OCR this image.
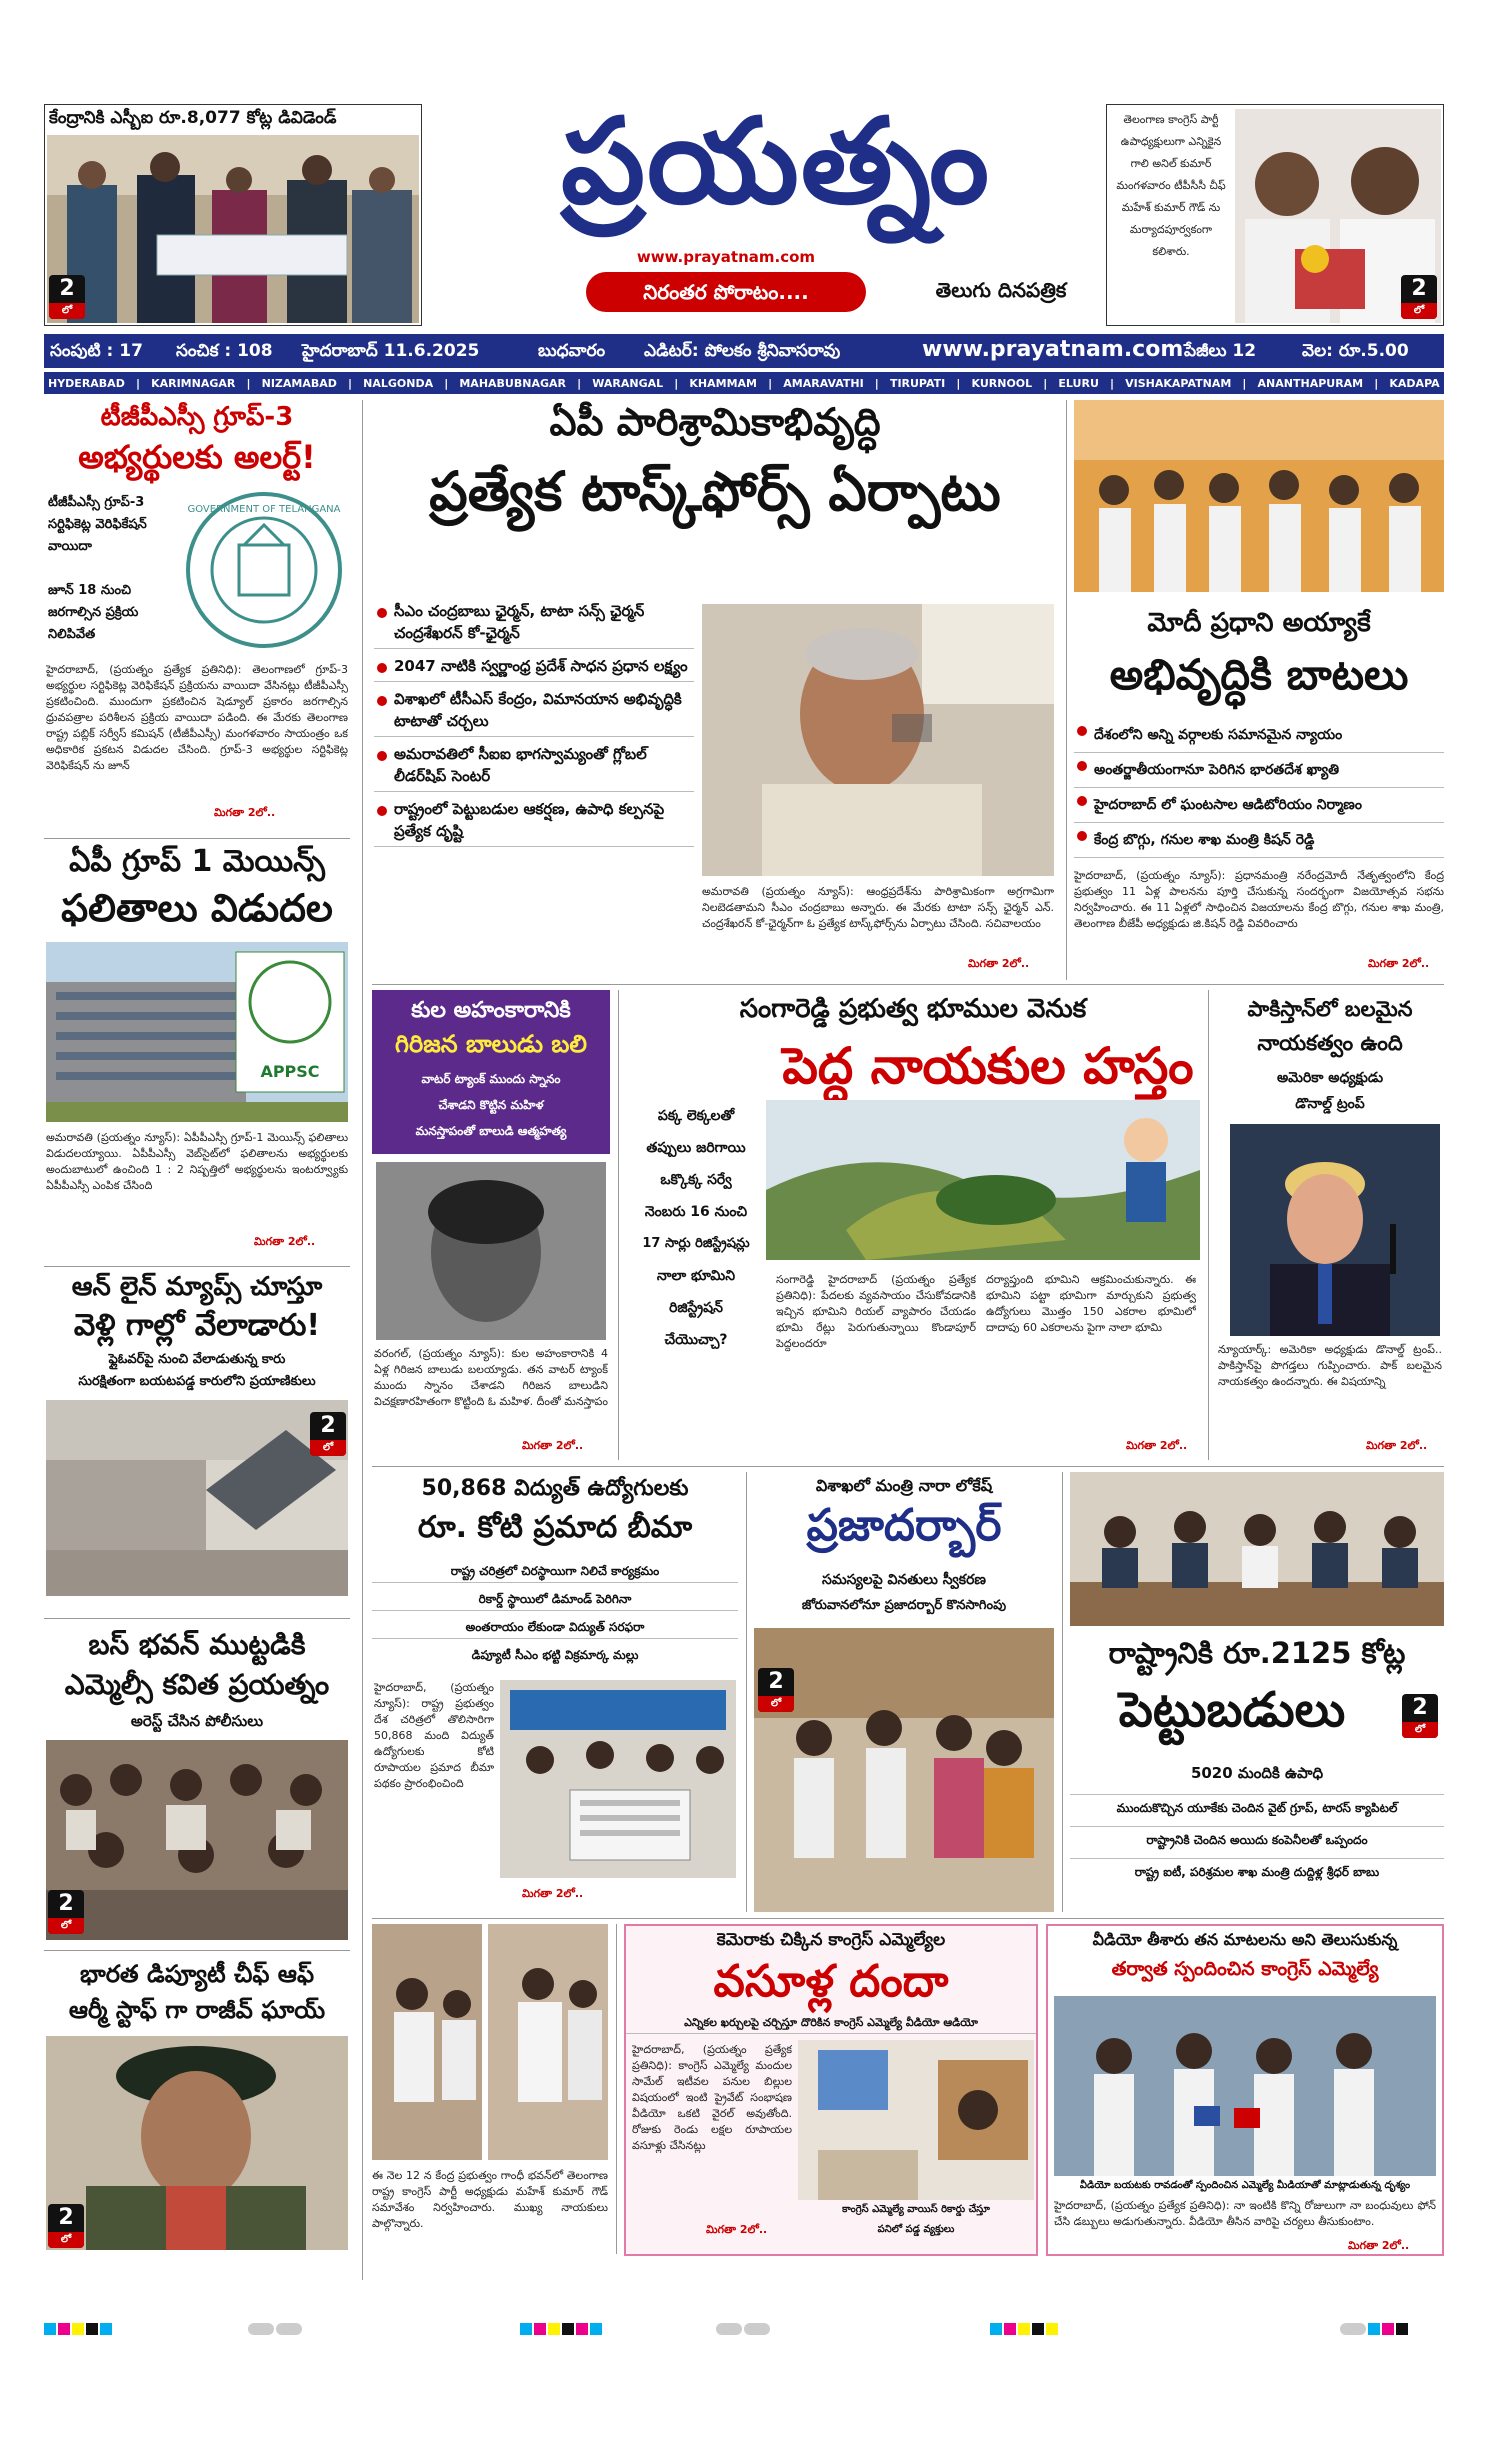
కేంద్రానికి ఎస్బీఐ రూ.8,077 కోట్ల డివిడెండ్
2
లో
ప్రయత్నం
www.prayatnam.com
నిరంతర పోరాటం....	తెలుగు దినపత్రిక
తెలంగాణ కాంగ్రెస్ పార్టీ ఉపాధ్యక్షులుగా ఎన్నికైన గాలి అనిల్ కుమార్ మంగళవారం టీపీసీసీ చీఫ్ మహేశ్ కుమార్ గౌడ్ ను మర్యాదపూర్వకంగా కలిశారు.
2
లో
సంపుటి : 17 సంచిక : 108 హైదరాబాద్ 11.6.2025	బుధవారం ఎడిటర్: పోలకం శ్రీనివాసరావు	www.prayatnam.com పేజీలు 12	వెల: రూ.5.00
HYDERABAD | KARIMNAGAR | NIZAMABAD | NALGONDA | MAHABUBNAGAR | WARANGAL | KHAMMAM | AMARAVATHI | TIRUPATI | KURNOOL | ELURU | VISHAKAPATNAM | ANANTHAPURAM | KADAPA
టీజీపీఎస్సీ గ్రూప్-3
అభ్యర్థులకు అలర్ట్!
టీజీపీఎస్సీ గ్రూప్-3 సర్టిఫికెట్ల వెరిఫికేషన్ వాయిదా
జూన్ 18 నుంచి జరగాల్సిన ప్రక్రియ నిలిపివేత
GOVERNMENT OF TELANGANA
హైదరాబాద్, (ప్రయత్నం ప్రత్యేక ప్రతినిధి): తెలంగాణలో గ్రూప్-3 అభ్యర్థుల సర్టిఫికెట్ల వెరిఫికేషన్ ప్రక్రియను వాయిదా వేసినట్లు టీజీపీఎస్సీ ప్రకటించింది. ముందుగా ప్రకటించిన షెడ్యూల్ ప్రకారం జరగాల్సిన ధ్రువపత్రాల పరిశీలన ప్రక్రియ వాయిదా పడింది. ఈ మేరకు తెలంగాణ రాష్ట్ర పబ్లిక్ సర్వీస్ కమిషన్ (టీజీపీఎస్సీ) మంగళవారం సాయంత్రం ఒక అధికారిక ప్రకటన విడుదల చేసింది. గ్రూప్-3 అభ్యర్థుల సర్టిఫికెట్ల వెరిఫికేషన్ ను జూన్
మిగతా 2లో..
ఏపీ గ్రూప్ 1 మెయిన్స్
ఫలితాలు విడుదల
APPSC
అమరావతి (ప్రయత్నం న్యూస్): ఏపీపీఎస్సీ గ్రూప్-1 మెయిన్స్ ఫలితాలు విడుదలయ్యాయి. ఏపీపీఎస్సీ వెబ్‌సైట్‌లో ఫలితాలను అభ్యర్థులకు అందుబాటులో ఉంచింది 1 : 2 నిష్పత్తిలో అభ్యర్థులను ఇంటర్వ్యూకు ఏపీపీఎస్సీ ఎంపిక చేసింది
మిగతా 2లో..
ఆన్ లైన్ మ్యాప్స్ చూస్తూ
వెళ్లి గాల్లో వేలాడారు!
ఫ్లైఓవర్‌పై నుంచి వేలాడుతున్న కారు
సురక్షితంగా బయటపడ్డ కారులోని ప్రయాణికులు
2
లో
బస్ భవన్ ముట్టడికి
ఎమ్మెల్సీ కవిత ప్రయత్నం
అరెస్ట్ చేసిన పోలీసులు
2
లో
భారత డిప్యూటీ చీఫ్ ఆఫ్
ఆర్మీ స్టాఫ్ గా రాజీవ్ ఘాయ్
2
లో
ఏపీ పారిశ్రామికాభివృద్ధి
ప్రత్యేక టాస్క్‌ఫోర్స్ ఏర్పాటు
సీఎం చంద్రబాబు ఛైర్మన్, టాటా సన్స్ ఛైర్మన్ చంద్రశేఖరన్ కో-ఛైర్మన్
2047 నాటికి స్వర్ణాంధ్ర ప్రదేశ్ సాధన ప్రధాన లక్ష్యం
విశాఖలో టీసీఎస్ కేంద్రం, విమానయాన అభివృద్ధికి టాటాతో చర్చలు
అమరావతిలో సీఐఐ భాగస్వామ్యంతో గ్లోబల్ లీడర్‌షిప్ సెంటర్
రాష్ట్రంలో పెట్టుబడుల ఆకర్షణ, ఉపాధి కల్పనపై ప్రత్యేక దృష్టి
అమరావతి (ప్రయత్నం న్యూస్): ఆంధ్రప్రదేశ్‌ను పారిశ్రామికంగా అగ్రగామిగా నిలబెడతామని సీఎం చంద్రబాబు అన్నారు. ఈ మేరకు టాటా సన్స్ ఛైర్మన్ ఎన్. చంద్రశేఖరన్ కో-ఛైర్మన్‌గా ఓ ప్రత్యేక టాస్క్‌ఫోర్స్‌ను ఏర్పాటు చేసింది. సచివాలయం
మిగతా 2లో..
మోదీ ప్రధాని అయ్యాకే
అభివృద్ధికి బాటలు
దేశంలోని అన్ని వర్గాలకు సమానమైన న్యాయం
అంతర్జాతీయంగానూ పెరిగిన భారతదేశ ఖ్యాతి
హైదరాబాద్ లో ఘంటసాల ఆడిటోరియం నిర్మాణం
కేంద్ర బొగ్గు, గనుల శాఖ మంత్రి కిషన్ రెడ్డి
హైదరాబాద్, (ప్రయత్నం న్యూస్): ప్రధానమంత్రి నరేంద్రమోదీ నేతృత్వంలోని కేంద్ర ప్రభుత్వం 11 ఏళ్ల పాలనను పూర్తి చేసుకున్న సందర్భంగా విజయోత్సవ సభను నిర్వహించారు. ఈ 11 ఏళ్లలో సాధించిన విజయాలను కేంద్ర బొగ్గు, గనుల శాఖ మంత్రి, తెలంగాణ బీజేపీ అధ్యక్షుడు జి.కిషన్ రెడ్డి వివరించారు
మిగతా 2లో..
కుల అహంకారానికి
గిరిజన బాలుడు బలి
వాటర్ ట్యాంక్ ముందు స్నానం
చేశాడని కొట్టిన మహిళ
మనస్తాపంతో బాలుడి ఆత్మహత్య
వరంగల్, (ప్రయత్నం న్యూస్): కుల అహంకారానికి 4 ఏళ్ల గిరిజన బాలుడు బలయ్యాడు. తన వాటర్ ట్యాంక్ ముందు స్నానం చేశాడని గిరిజన బాలుడిని విచక్షణారహితంగా కొట్టింది ఓ మహిళ. దీంతో మనస్తాపం
మిగతా 2లో..
సంగారెడ్డి ప్రభుత్వ భూముల వెనుక
పెద్ద నాయకుల హస్తం
పక్క లెక్కలతో
తప్పులు జరిగాయి
ఒక్కొక్క సర్వే
నెంబరు 16 నుంచి
17 సార్లు రిజిస్ట్రేషన్లు
నాలా భూమిని
రిజిస్ట్రేషన్
చేయొచ్చా?
సంగారెడ్డి హైదరాబాద్ (ప్రయత్నం ప్రత్యేక ప్రతినిధి): పేదలకు వ్యవసాయం చేసుకోవడానికి ఇచ్చిన భూమిని రియల్ వ్యాపారం చేయడం భూమి రేట్లు పెరుగుతున్నాయి కొండాపూర్ పెద్దలందరూ
దర్యాప్తుంది భూమిని ఆక్రమించుకున్నారు. ఈ భూమిని పట్టా భూమిగా మార్చుకుని ప్రభుత్వ ఉద్యోగులు మొత్తం 150 ఎకరాల భూమిలో దాదాపు 60 ఎకరాలను పైగా నాలా భూమి
మిగతా 2లో..
పాకిస్తాన్‌లో బలమైన నాయకత్వం ఉంది
అమెరికా అధ్యక్షుడు
డొనాల్డ్ ట్రంప్
న్యూయార్క్: అమెరికా అధ్యక్షుడు డొనాల్డ్ ట్రంప్.. పాకిస్తాన్‌పై పొగడ్తలు గుప్పించారు. పాక్ బలమైన నాయకత్వం ఉందన్నారు. ఈ విషయాన్ని
మిగతా 2లో..
50,868 విద్యుత్ ఉద్యోగులకు
రూ. కోటి ప్రమాద బీమా
రాష్ట్ర చరిత్రలో చిరస్థాయిగా నిలిచే కార్యక్రమం
రికార్డ్ స్థాయిలో డిమాండ్ పెరిగినా
అంతరాయం లేకుండా విద్యుత్ సరఫరా
డిప్యూటీ సీఎం భట్టి విక్రమార్క మల్లు
హైదరాబాద్, (ప్రయత్నం న్యూస్): రాష్ట్ర ప్రభుత్వం దేశ చరిత్రలో తొలిసారిగా 50,868 మంది విద్యుత్ ఉద్యోగులకు కోటి రూపాయల ప్రమాద బీమా పథకం ప్రారంభించింది
మిగతా 2లో..
విశాఖలో మంత్రి నారా లోకేష్
ప్రజాదర్బార్
సమస్యలపై వినతులు స్వీకరణ
జోరువానలోనూ ప్రజాదర్బార్ కొనసాగింపు
2
లో
రాష్ట్రానికి రూ.2125 కోట్ల
పెట్టుబడులు	2
లో
5020 మందికి ఉపాధి
ముందుకొచ్చిన యూకేకు చెందిన వైట్ గ్రూప్, టారస్ క్యాపిటల్
రాష్ట్రానికి చెందిన అయిదు కంపెనీలతో ఒప్పందం
రాష్ట్ర ఐటీ, పరిశ్రమల శాఖ మంత్రి దుద్దిళ్ల శ్రీధర్ బాబు
ఈ నెల 12 న కేంద్ర ప్రభుత్వం గాంధీ భవన్‌లో తెలంగాణ రాష్ట్ర కాంగ్రెస్ పార్టీ అధ్యక్షుడు మహేశ్ కుమార్ గౌడ్ సమావేశం నిర్వహించారు. ముఖ్య నాయకులు పాల్గొన్నారు.
కెమెరాకు చిక్కిన కాంగ్రెస్ ఎమ్మెల్యేల
వసూళ్ల దందా
ఎన్నికల ఖర్చులపై చర్చిస్తూ దొరికిన కాంగ్రెస్ ఎమ్మెల్యే వీడియో ఆడియో
హైదరాబాద్, (ప్రయత్నం ప్రత్యేక ప్రతినిధి): కాంగ్రెస్ ఎమ్మెల్యే మందుల సామేల్ ఇటీవల పనుల బిల్లుల విషయంలో ఇంటి ప్రైవేట్ సంభాషణ వీడియో ఒకటి వైరల్ అవుతోంది. రోజుకు రెండు లక్షల రూపాయల వసూళ్లు చేసినట్లు
మిగతా 2లో..
కాంగ్రెస్ ఎమ్మెల్యే వాయిస్ రికార్డు చేస్తూ
పనిలో పడ్డ వ్యక్తులు
వీడియో తీశారు తన మాటలను అని తెలుసుకున్న
తర్వాత స్పందించిన కాంగ్రెస్ ఎమ్మెల్యే
వీడియో బయటకు రావడంతో స్పందించిన ఎమ్మెల్యే మీడియాతో మాట్లాడుతున్న దృశ్యం
హైదరాబాద్, (ప్రయత్నం ప్రత్యేక ప్రతినిధి): నా ఇంటికి కొన్ని రోజులుగా నా బంధువులు ఫోన్ చేసి డబ్బులు అడుగుతున్నారు. వీడియో తీసిన వారిపై చర్యలు తీసుకుంటాం.
మిగతా 2లో..
